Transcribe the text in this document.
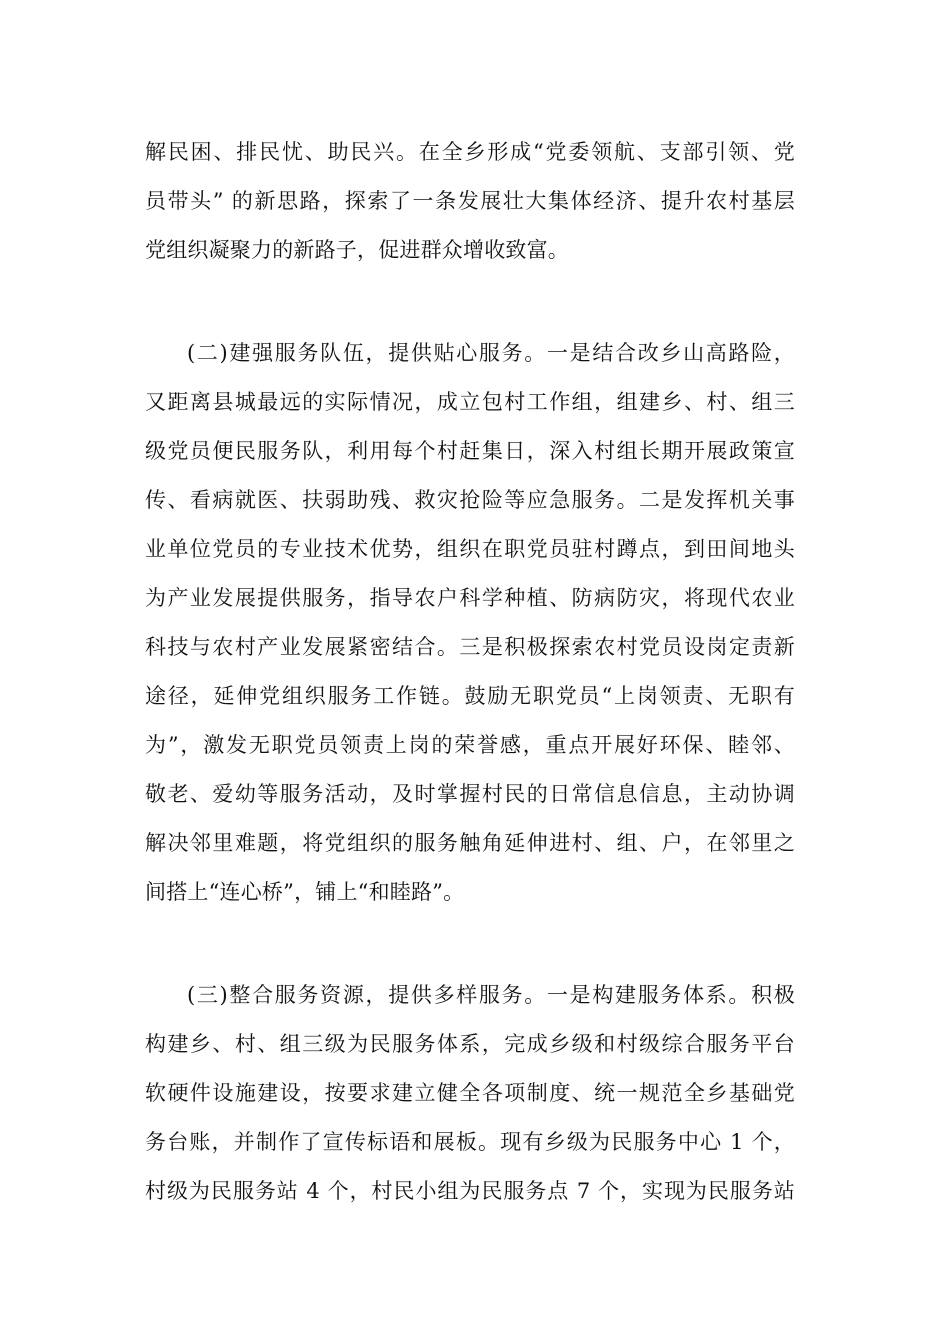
解民困、排民忧、助民兴。在全乡形成“党委领航、支部引领、党
员带头” 的新思路，探索了一条发展壮大集体经济、提升农村基层
党组织凝聚力的新路子，促进群众增收致富。
(二)建强服务队伍，提供贴心服务。一是结合改乡山高路险，
又距离县城最远的实际情况，成立包村工作组，组建乡、村、组三
级党员便民服务队，利用每个村赶集日，深入村组长期开展政策宣
传、看病就医、扶弱助残、救灾抢险等应急服务。二是发挥机关事
业单位党员的专业技术优势，组织在职党员驻村蹲点，到田间地头
为产业发展提供服务，指导农户科学种植、防病防灾，将现代农业
科技与农村产业发展紧密结合。三是积极探索农村党员设岗定责新
途径，延伸党组织服务工作链。鼓励无职党员“上岗领责、无职有
为”，激发无职党员领责上岗的荣誉感，重点开展好环保、睦邻、
敬老、爱幼等服务活动，及时掌握村民的日常信息信息，主动协调
解决邻里难题，将党组织的服务触角延伸进村、组、户，在邻里之
间搭上“连心桥”，铺上“和睦路”。
(三)整合服务资源，提供多样服务。一是构建服务体系。积极
构建乡、村、组三级为民服务体系，完成乡级和村级综合服务平台
软硬件设施建设，按要求建立健全各项制度、统一规范全乡基础党
务台账，并制作了宣传标语和展板。现有乡级为民服务中心 1 个，
村级为民服务站 4 个，村民小组为民服务点 7 个，实现为民服务站
